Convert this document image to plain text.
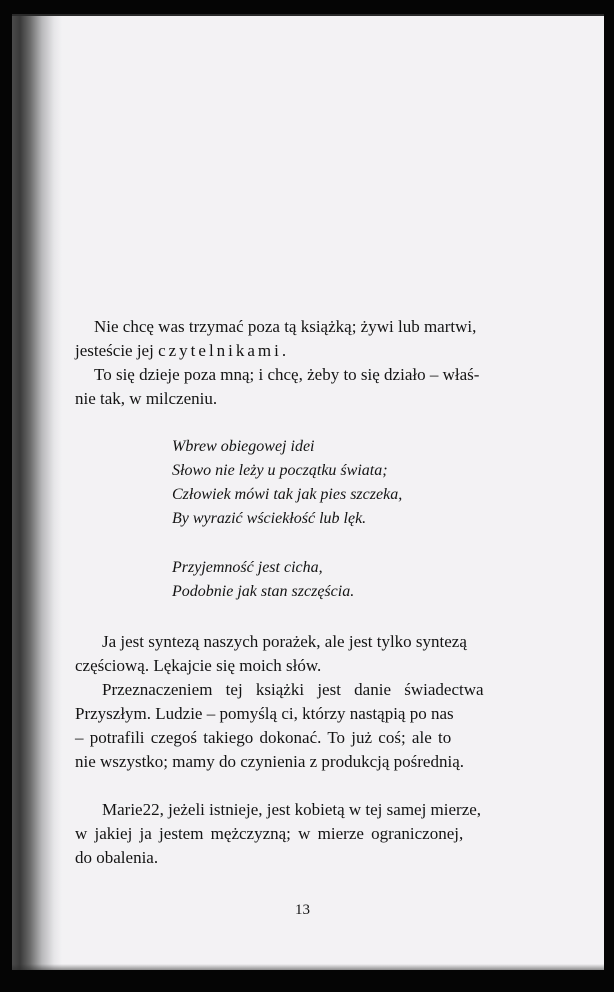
Nie chcę was trzymać poza tą książką; żywi lub martwi,
jesteście jej czytelnikami.
To się dzieje poza mną; i chcę, żeby to się działo – właś-
nie tak, w milczeniu.
Wbrew obiegowej idei
Słowo nie leży u początku świata;
Człowiek mówi tak jak pies szczeka,
By wyrazić wściekłość lub lęk.
Przyjemność jest cicha,
Podobnie jak stan szczęścia.
Ja jest syntezą naszych porażek, ale jest tylko syntezą
częściową. Lękajcie się moich słów.
Przeznaczeniem tej książki jest danie świadectwa
Przyszłym. Ludzie – pomyślą ci, którzy nastąpią po nas
– potrafili czegoś takiego dokonać. To już coś; ale to
nie wszystko; mamy do czynienia z produkcją pośrednią.
Marie22, jeżeli istnieje, jest kobietą w tej samej mierze,
w jakiej ja jestem mężczyzną; w mierze ograniczonej,
do obalenia.
13
